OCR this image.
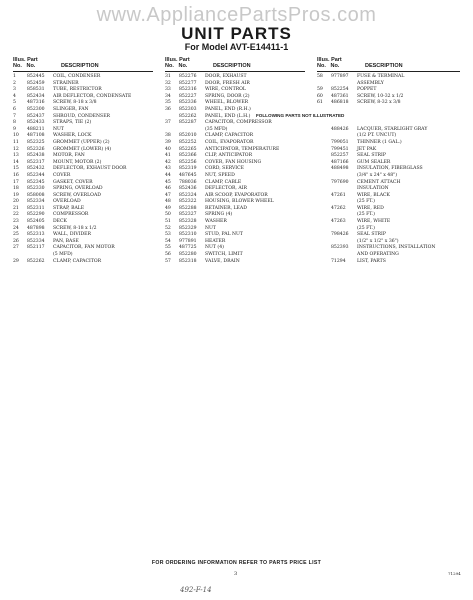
www.AppliancePartsPros.com
UNIT PARTS
For Model AVT-E14411-1
Illus. Part
No. No.	DESCRIPTION
1 852445 COIL, CONDENSER
2 852459 STRAINER
3 858531 TUBE, RESTRICTOR
4 852434 AIR DEFLECTOR, CONDENSATE
5 487316 SCREW, 8-18 x 3/8
6 852300 SLINGER, FAN
7 852437 SHROUD, CONDENSER
8 852433 STRAPS, TIE (2)
9 488211 NUT
10 487108 WASHER, LOCK
11 852325 GROMMET (UPPER) (2)
12 852326 GROMMET (LOWER) (4)
13 852438 MOTOR, FAN
14 852317 MOUNT, MOTOR (2)
15 852432 DEFLECTOR, EXHAUST DOOR
16 852344 COVER
17 852345 GASKET, COVER
18 852330 SPRING, OVERLOAD
19 858008 SCREW, OVERLOAD
20 852334 OVERLOAD
21 852311 STRAP, BALE
22 852290 COMPRESSOR
23 852405 DECK
24 487898 SCREW, 8-18 x 1/2
25 852313 WALL, DIVIDER
26 852334 PAN, BASE
27 852117 CAPACITOR, FAN MOTOR
(5 MFD)
29 852262 CLAMP, CAPACITOR
Illus. Part
No. No.	DESCRIPTION
31 852276 DOOR, EXHAUST
32 852277 DOOR, FRESH AIR
33 852316 WIRE, CONTROL
34 852227 SPRING, DOOR (2)
35 852336 WHEEL, BLOWER
36 852303 PANEL, END (R.H.)
852262 PANEL, END (L.H.)
37 852287 CAPACITOR, COMPRESSOR
(35 MFD)
38 852010 CLAMP, CAPACITOR
39 852252 COIL, EVAPORATOR
40 852265 ANTICIPATOR, TEMPERATURE
41 852366 CLIP, ANTICIPATOR
42 852256 COVER, FAN HOUSING
43 852319 CORD, SERVICE
44 487645 NUT, SPEED
45 788036 CLAMP, CABLE
46 852436 DEFLECTOR, AIR
47 852324 AIR SCOOP, EVAPORATOR
48 852322 HOUSING, BLOWER WHEEL
49 852288 RETAINER, LEAD
50 852327 SPRING (4)
51 852328 WASHER
52 852329 NUT
53 852310 STUD, PAL NUT
54 977891 HEATER
55 487725 NUT (4)
56 852280 SWITCH, LIMIT
57 852318 VALVE, DRAIN
Illus. Part
No. No.	DESCRIPTION
58 977897 FUSE & TERMINAL
ASSEMBLY
59 852254 POPPET
60 487361 SCREW, 10-32 x 1/2
61 486818 SCREW, 8-32 x 3/8
488426 LACQUER, STARLIGHT GRAY
(1/2 PT. UNCUT)
799051 THINNER (1 GAL.)
799451 JET PAK
852257 SEAL STRIP
487166 GUM SEALER
488498 INSULATION, FIBERGLASS
(3/4" x 24" x 48")
797690 CEMENT ATTACH
INSULATION
47261 WIRE, BLACK
(25 FT.)
47262 WIRE, RED
(25 FT.)
47263 WIRE, WHITE
(25 FT.)
798426 SEAL STRIP
(1/2" x 1/2" x 36")
852393 INSTRUCTIONS, INSTALLATION
AND OPERATING
71294 LIST, PARTS
FOLLOWING PARTS NOT ILLUSTRATED
FOR ORDERING INFORMATION REFER TO PARTS PRICE LIST
3	71294
492-F-14
